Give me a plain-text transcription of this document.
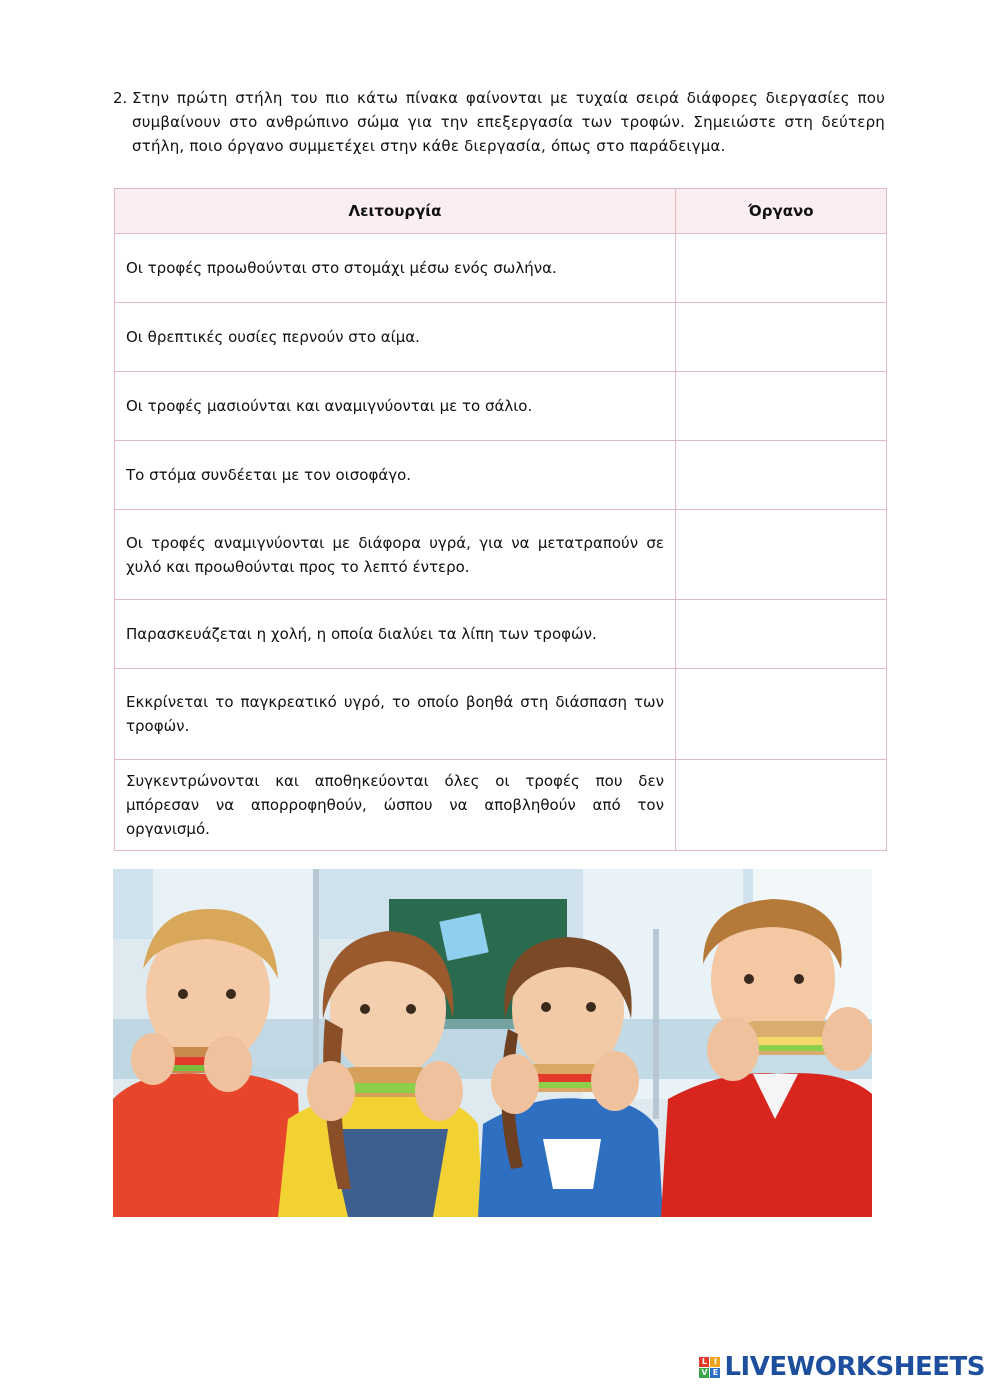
2. Στην πρώτη στήλη του πιο κάτω πίνακα φαίνονται με τυχαία σειρά διάφορες διεργασίες που συμβαίνουν στο ανθρώπινο σώμα για την επεξεργασία των τροφών. Σημειώστε στη δεύτερη στήλη, ποιο όργανο συμμετέχει στην κάθε διεργασία, όπως στο παράδειγμα.
Λειτουργία	Όργανο
Οι τροφές προωθούνται στο στομάχι μέσω ενός σωλήνα.	

Οι θρεπτικές ουσίες περνούν στο αίμα.	

Οι τροφές μασιούνται και αναμιγνύονται με το σάλιο.	

Το στόμα συνδέεται με τον οισοφάγο.	

Οι τροφές αναμιγνύονται με διάφορα υγρά, για να μετατραπούν σε χυλό και προωθούνται προς το λεπτό έντερο.	

Παρασκευάζεται η χολή, η οποία διαλύει τα λίπη των τροφών.	

Εκκρίνεται το παγκρεατικό υγρό, το οποίο βοηθά στη διάσπαση των τροφών.	

Συγκεντρώνονται και αποθηκεύονται όλες οι τροφές που δεν μπόρεσαν να απορροφηθούν, ώσπου να αποβληθούν από τον οργανισμό.	
L I
V E LIVEWORKSHEETS
